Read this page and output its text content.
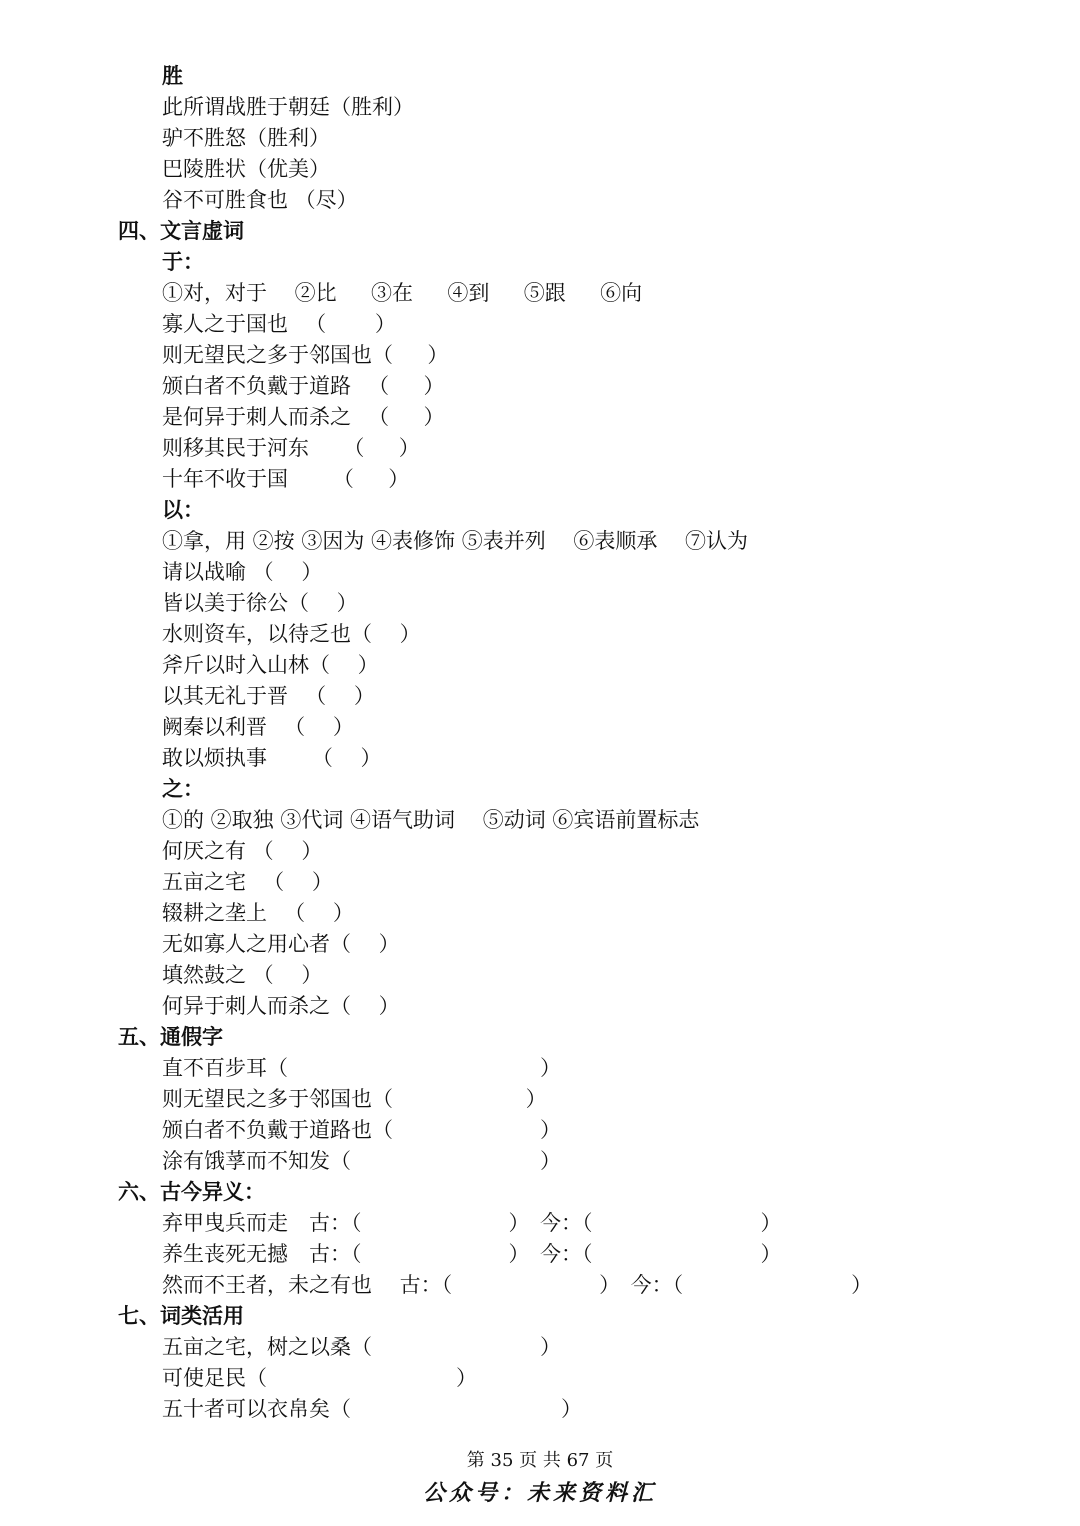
胜
此所谓战胜于朝廷（胜利）
驴不胜怒（胜利）
巴陵胜状（优美）
谷不可胜食也 （尽）
四、文言虚词
于：
①对，对于　 ②比 　 ③在 　 ④到 　 ⑤跟 　 ⑥向
寡人之于国也 　（　 　）
则无望民之多于邻国也（ 　 ）
颁白者不负戴于道路 　（ 　 ）
是何异于刺人而杀之 　（ 　 ）
则移其民于河东 　 （ 　 ）
十年不收于国 　 　（ 　 ）
以：
①拿，用 ②按 ③因为 ④表修饰 ⑤表并列 　⑥表顺承 　⑦认为
请以战喻 （ 　）
皆以美于徐公（ 　）
水则资车，以待乏也（ 　）
斧斤以时入山林（ 　）
以其无礼于晋 　（ 　）
阙秦以利晋 　（ 　）
敢以烦执事 　 　（ 　）
之：
①的 ②取独 ③代词 ④语气助词 　⑤动词 ⑥宾语前置标志
何厌之有 （ 　）
五亩之宅 　（ 　）
辍耕之垄上 　（ 　）
无如寡人之用心者（ 　）
填然鼓之 （ 　）
何异于刺人而杀之（ 　）
五、通假字
直不百步耳（　　　　　　　　　　　　）
则无望民之多于邻国也（　　　　　　 ）
颁白者不负戴于道路也（　　　　　　　）
涂有饿莩而不知发（　　　　　　　　　）
六、古今异义：
弃甲曳兵而走　古：（　　　　　　　）　今：（　　　　　　　　）
养生丧死无撼　古：（　　　　　　　）　今：（　　　　　　　　）
然而不王者，未之有也　 古：（　　　　　　　）　今：（　　　　　　　　）
七、词类活用
五亩之宅，树之以桑（　　　　　　　　）
可使足民（　　　　　　　　　）
五十者可以衣帛矣（　　　　　　　　　　）
第 35 页 共 67 页
公众号：未来资料汇
